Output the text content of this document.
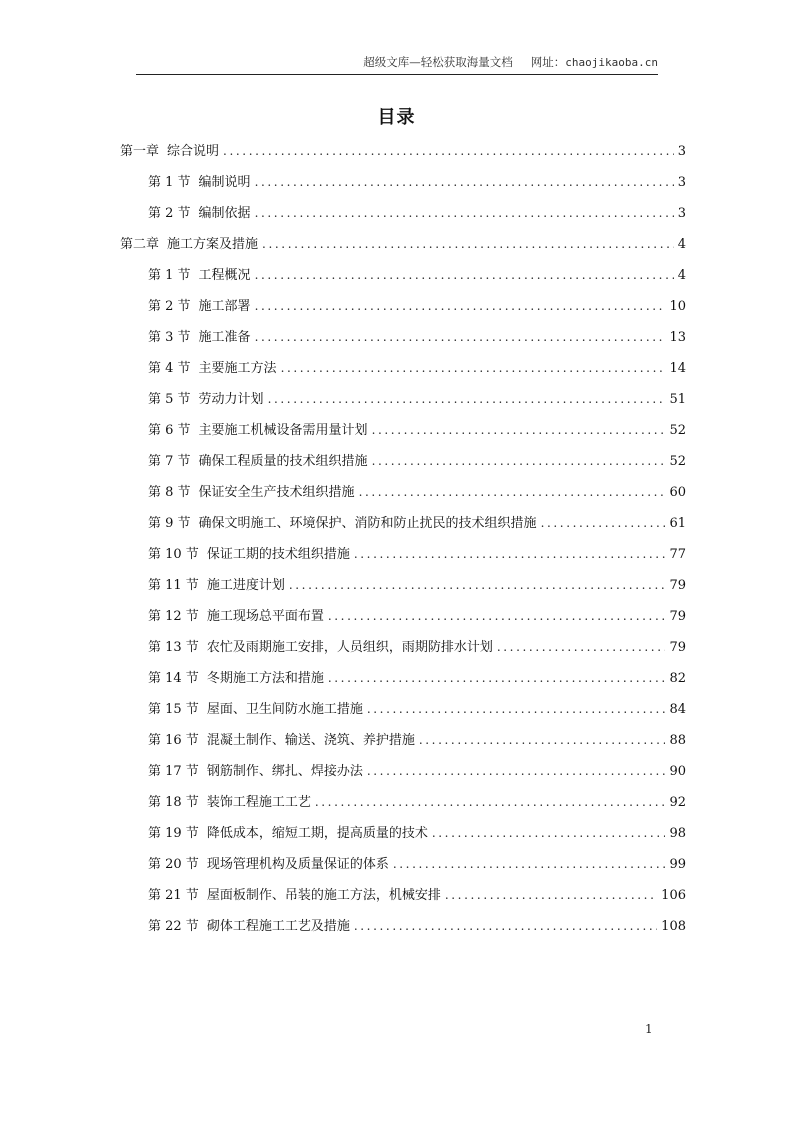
超级文库—轻松获取海量文档 网址：chaojikaoba.cn
目录
第一章 综合说明 .....	3
第 1 节 编制说明 .....	3
第 2 节 编制依据 .....	3
第二章 施工方案及措施 .....	4
第 1 节 工程概况 .....	4
第 2 节 施工部署 .....	10
第 3 节 施工准备 .....	13
第 4 节 主要施工方法 .....	14
第 5 节 劳动力计划 .....	51
第 6 节 主要施工机械设备需用量计划 .....	52
第 7 节 确保工程质量的技术组织措施 .....	52
第 8 节 保证安全生产技术组织措施 .....	60
第 9 节 确保文明施工、环境保护、消防和防止扰民的技术组织措施 .....	61
第 10 节 保证工期的技术组织措施 .....	77
第 11 节 施工进度计划 .....	79
第 12 节 施工现场总平面布置 .....	79
第 13 节 农忙及雨期施工安排，人员组织，雨期防排水计划 .....	79
第 14 节 冬期施工方法和措施 .....	82
第 15 节 屋面、卫生间防水施工措施 .....	84
第 16 节 混凝土制作、输送、浇筑、养护措施 .....	88
第 17 节 钢筋制作、绑扎、焊接办法 .....	90
第 18 节 装饰工程施工工艺 .....	92
第 19 节 降低成本，缩短工期，提高质量的技术 .....	98
第 20 节 现场管理机构及质量保证的体系 .....	99
第 21 节 屋面板制作、吊装的施工方法，机械安排 .....	106
第 22 节 砌体工程施工工艺及措施 .....	108
1
